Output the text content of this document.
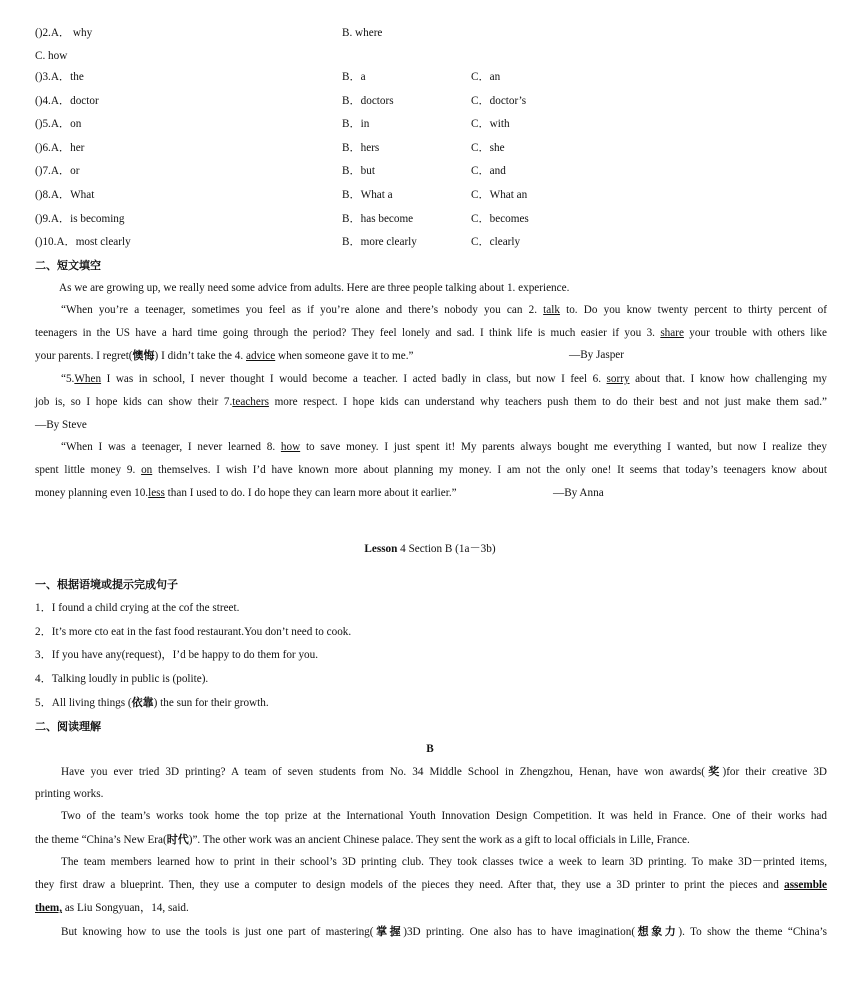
()2.A． why	B. where
C. how
()3.A．the	B．a	C．an
()4.A．doctor	B．doctors	C．doctor’s
()5.A．on	B．in	C．with
()6.A．her	B．hers	C．she
()7.A．or	B．but	C．and
()8.A．What	B．What a	C．What an
()9.A．is becoming	B．has become	C．becomes
()10.A．most clearly	B．more clearly	C．clearly
二、短文填空
As we are growing up, we really need some advice from adults. Here are three people talking about 1. experience.
“When you’re a teenager, sometimes you feel as if you’re alone and there’s nobody you can 2. talk to. Do you know twenty percent to thirty percent of
teenagers in the US have a hard time going through the period? They feel lonely and sad. I think life is much easier if you 3. share your trouble with others like
your parents. I regret(懊悔) I didn’t take the 4. advice when someone gave it to me.”	—By Jasper
“5.When I was in school, I never thought I would become a teacher. I acted badly in class, but now I feel 6. sorry about that. I know how challenging my
job is, so I hope kids can show their 7.teachers more respect. I hope kids can understand why teachers push them to do their best and not just make them sad.”
—By Steve
“When I was a teenager, I never learned 8. how to save money. I just spent it! My parents always bought me everything I wanted, but now I realize they
spent little money 9. on themselves. I wish I’d have known more about planning my money. I am not the only one! It seems that today’s teenagers know about
money planning even 10.less than I used to do. I do hope they can learn more about it earlier.”	—By Anna
Lesson 4 Section B (1a－3b)
一、根据语境或提示完成句子
1．I found a child crying at the cof the street.
2．It’s more cto eat in the fast food restaurant.You don’t need to cook.
3．If you have any(request)，I’d be happy to do them for you.
4．Talking loudly in public is (polite).
5．All living things (依靠) the sun for their growth.
二、阅读理解
B
Have you ever tried 3D printing? A team of seven students from No. 34 Middle School in Zhengzhou, Henan, have won awards(奖)for their creative 3D
printing works.
Two of the team’s works took home the top prize at the International Youth Innovation Design Competition. It was held in France. One of their works had
the theme “China’s New Era(时代)”. The other work was an ancient Chinese palace. They sent the work as a gift to local officials in Lille, France.
The team members learned how to print in their school’s 3D printing club. They took classes twice a week to learn 3D printing. To make 3D－printed items,
they first draw a blueprint. Then, they use a computer to design models of the pieces they need. After that, they use a 3D printer to print the pieces and assemble
them, as Liu Songyuan，14, said.
But knowing how to use the tools is just one part of mastering(掌握)3D printing. One also has to have imagination(想象力). To show the theme “China’s
